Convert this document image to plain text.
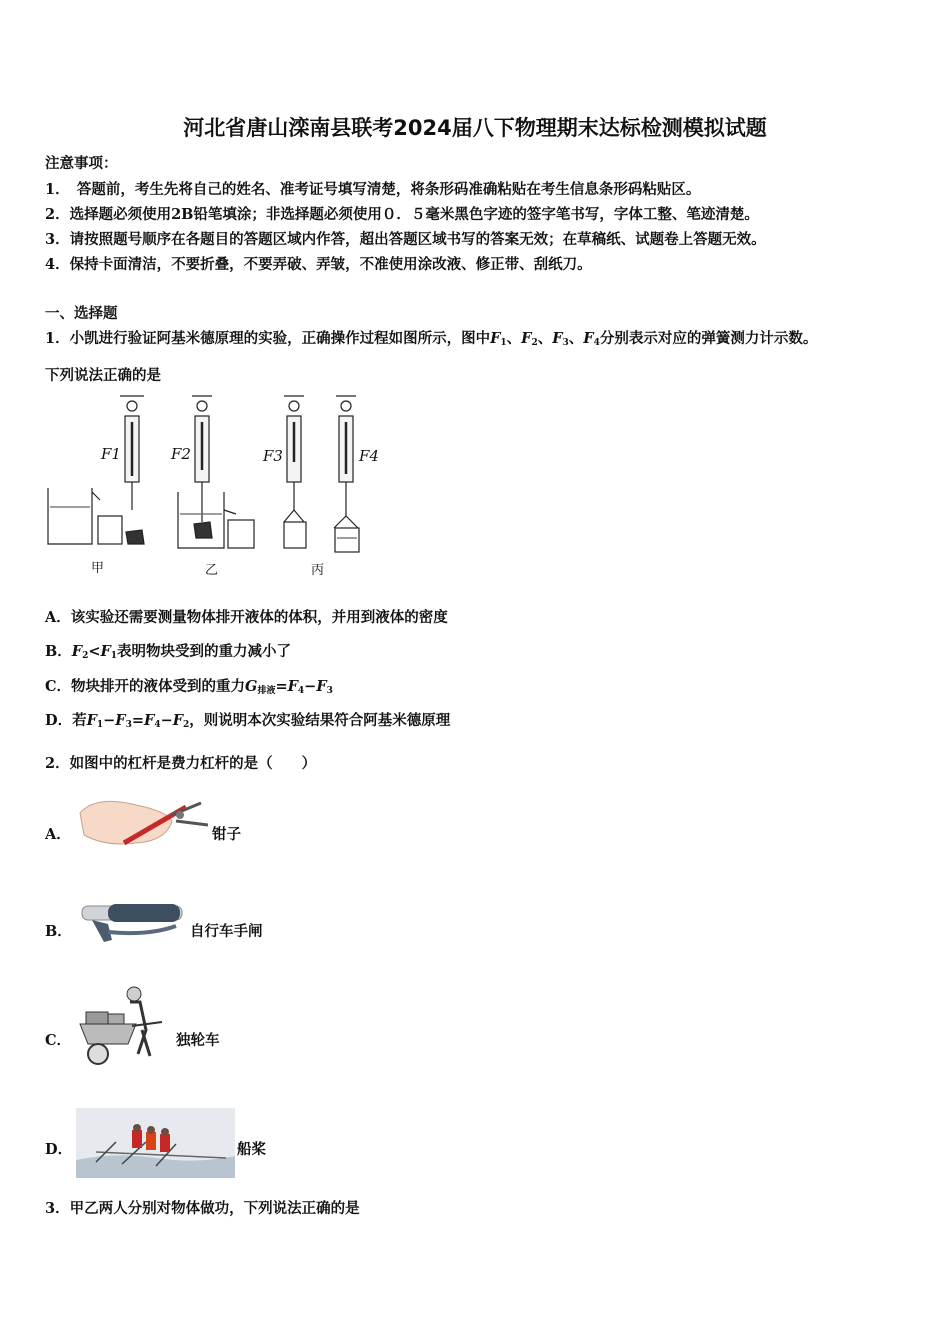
河北省唐山滦南县联考2024届八下物理期末达标检测模拟试题
注意事项：
1．　答题前，考生先将自己的姓名、准考证号填写清楚，将条形码准确粘贴在考生信息条形码粘贴区。
2．选择题必须使用2B铅笔填涂；非选择题必须使用０．５毫米黑色字迹的签字笔书写，字体工整、笔迹清楚。
3．请按照题号顺序在各题目的答题区域内作答，超出答题区域书写的答案无效；在草稿纸、试题卷上答题无效。
4．保持卡面清洁，不要折叠，不要弄破、弄皱，不准使用涂改液、修正带、刮纸刀。
一、选择题
1．小凯进行验证阿基米德原理的实验，正确操作过程如图所示，图中$F_1$、$F_2$、$F_3$、$F_4$分别表示对应的弹簧测力计示数。
下列说法正确的是
F1	F2	F3	F4
甲	乙	丙
A．该实验还需要测量物体排开液体的体积，并用到液体的密度
B．$F_2<F_1$表明物块受到的重力减小了
C．物块排开的液体受到的重力$G_{排液}=F_4-F_3$
D．若$F_1-F_3=F_4-F_2$，则说明本次实验结果符合阿基米德原理
2．如图中的杠杆是费力杠杆的是（　　）
A．	钳子
B．	自行车手闸
C．	独轮车
D．	船桨
3．甲乙两人分别对物体做功，下列说法正确的是
